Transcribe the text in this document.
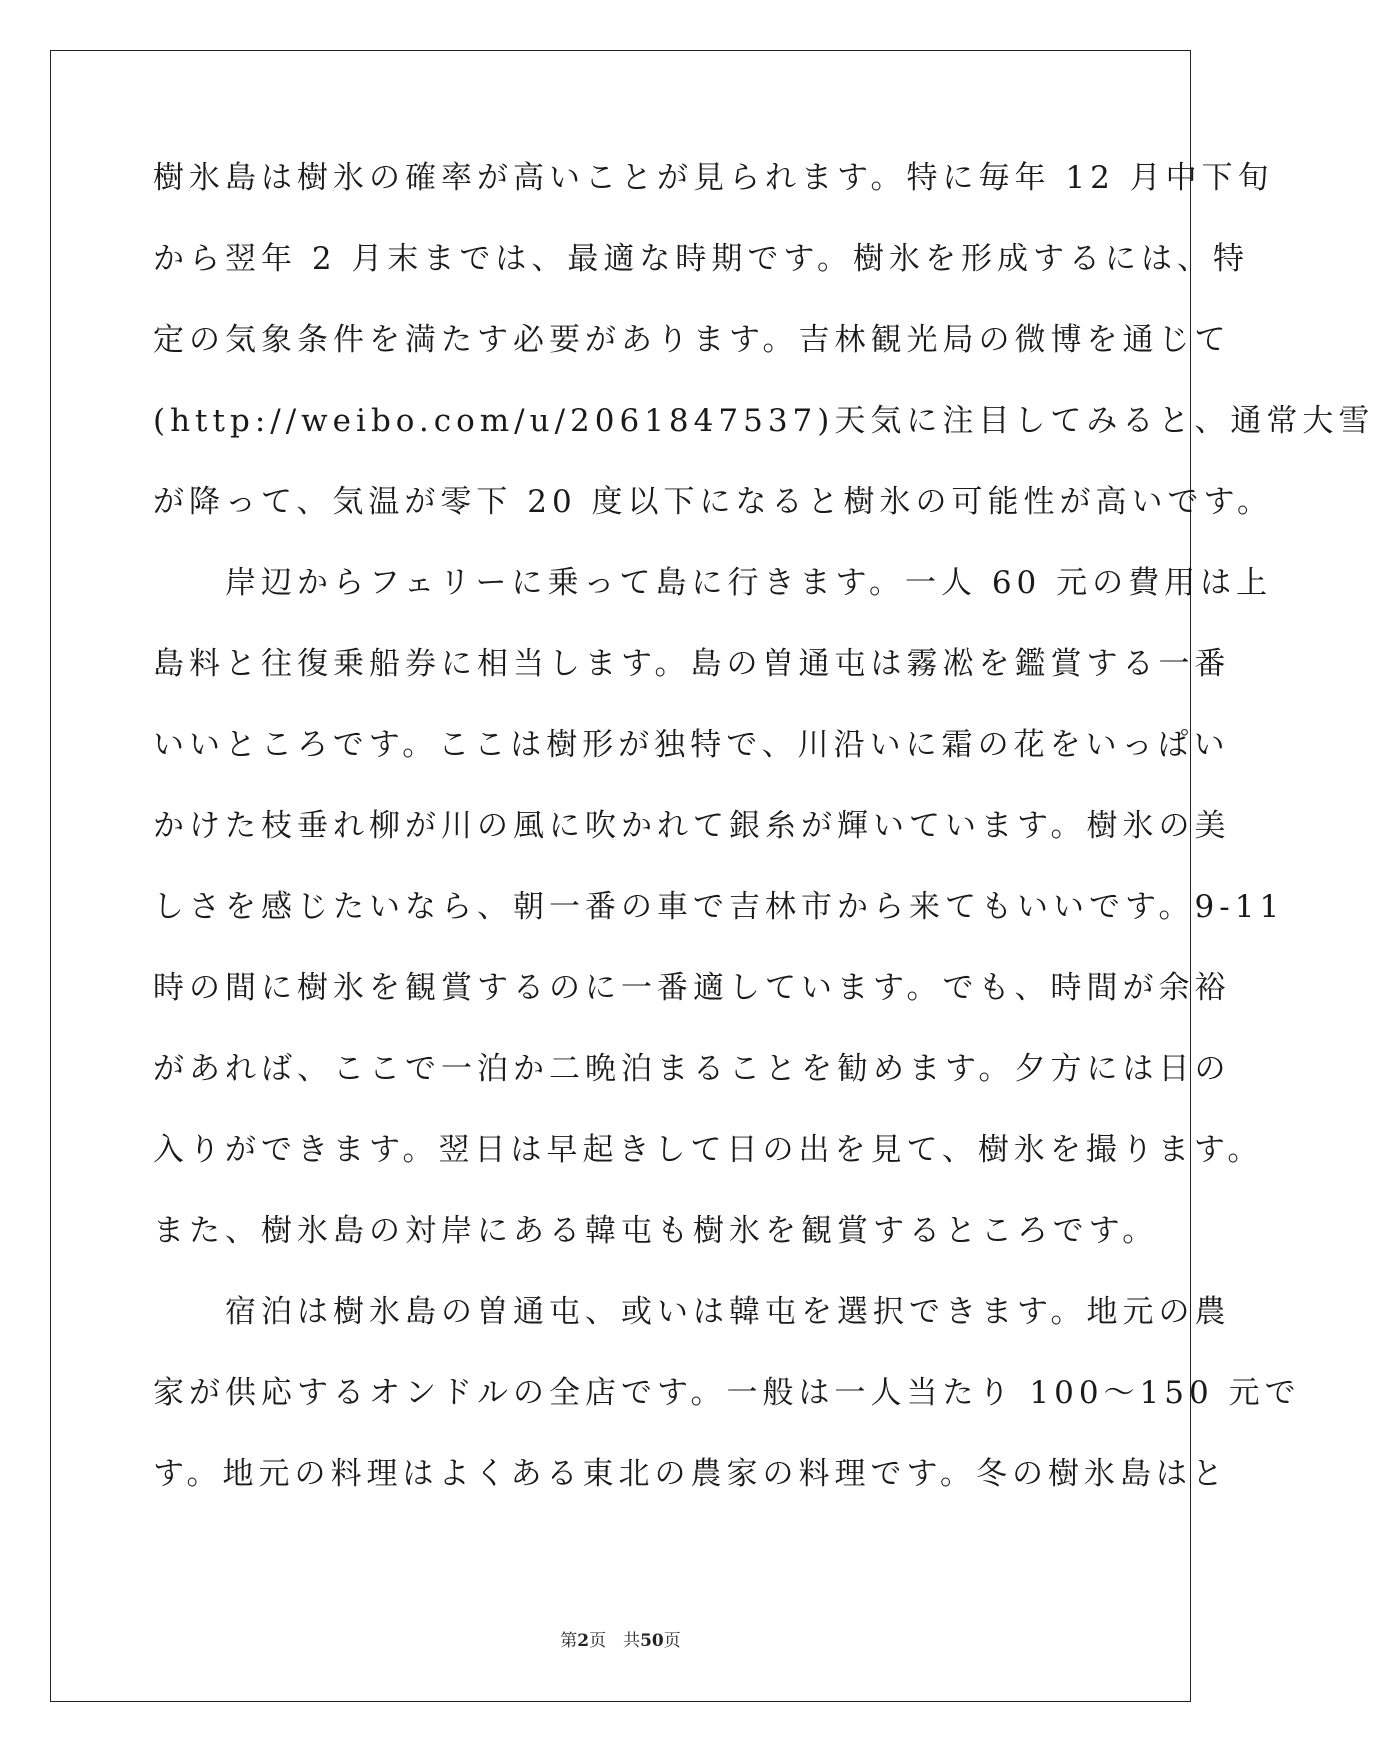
樹氷島は樹氷の確率が高いことが見られます。特に毎年 12 月中下旬
から翌年 2 月末までは、最適な時期です。樹氷を形成するには、特
定の気象条件を満たす必要があります。吉林観光局の微博を通じて
(http://weibo.com/u/2061847537)天気に注目してみると、通常大雪
が降って、気温が零下 20 度以下になると樹氷の可能性が高いです。
　　岸辺からフェリーに乗って島に行きます。一人 60 元の費用は上
島料と往復乗船券に相当します。島の曽通屯は霧凇を鑑賞する一番
いいところです。ここは樹形が独特で、川沿いに霜の花をいっぱい
かけた枝垂れ柳が川の風に吹かれて銀糸が輝いています。樹氷の美
しさを感じたいなら、朝一番の車で吉林市から来てもいいです。9-11
時の間に樹氷を観賞するのに一番適しています。でも、時間が余裕
があれば、ここで一泊か二晩泊まることを勧めます。夕方には日の
入りができます。翌日は早起きして日の出を見て、樹氷を撮ります。
また、樹氷島の対岸にある韓屯も樹氷を観賞するところです。
　　宿泊は樹氷島の曽通屯、或いは韓屯を選択できます。地元の農
家が供応するオンドルの全店です。一般は一人当たり 100～150 元で
す。地元の料理はよくある東北の農家の料理です。冬の樹氷島はと
第2页　共50页
